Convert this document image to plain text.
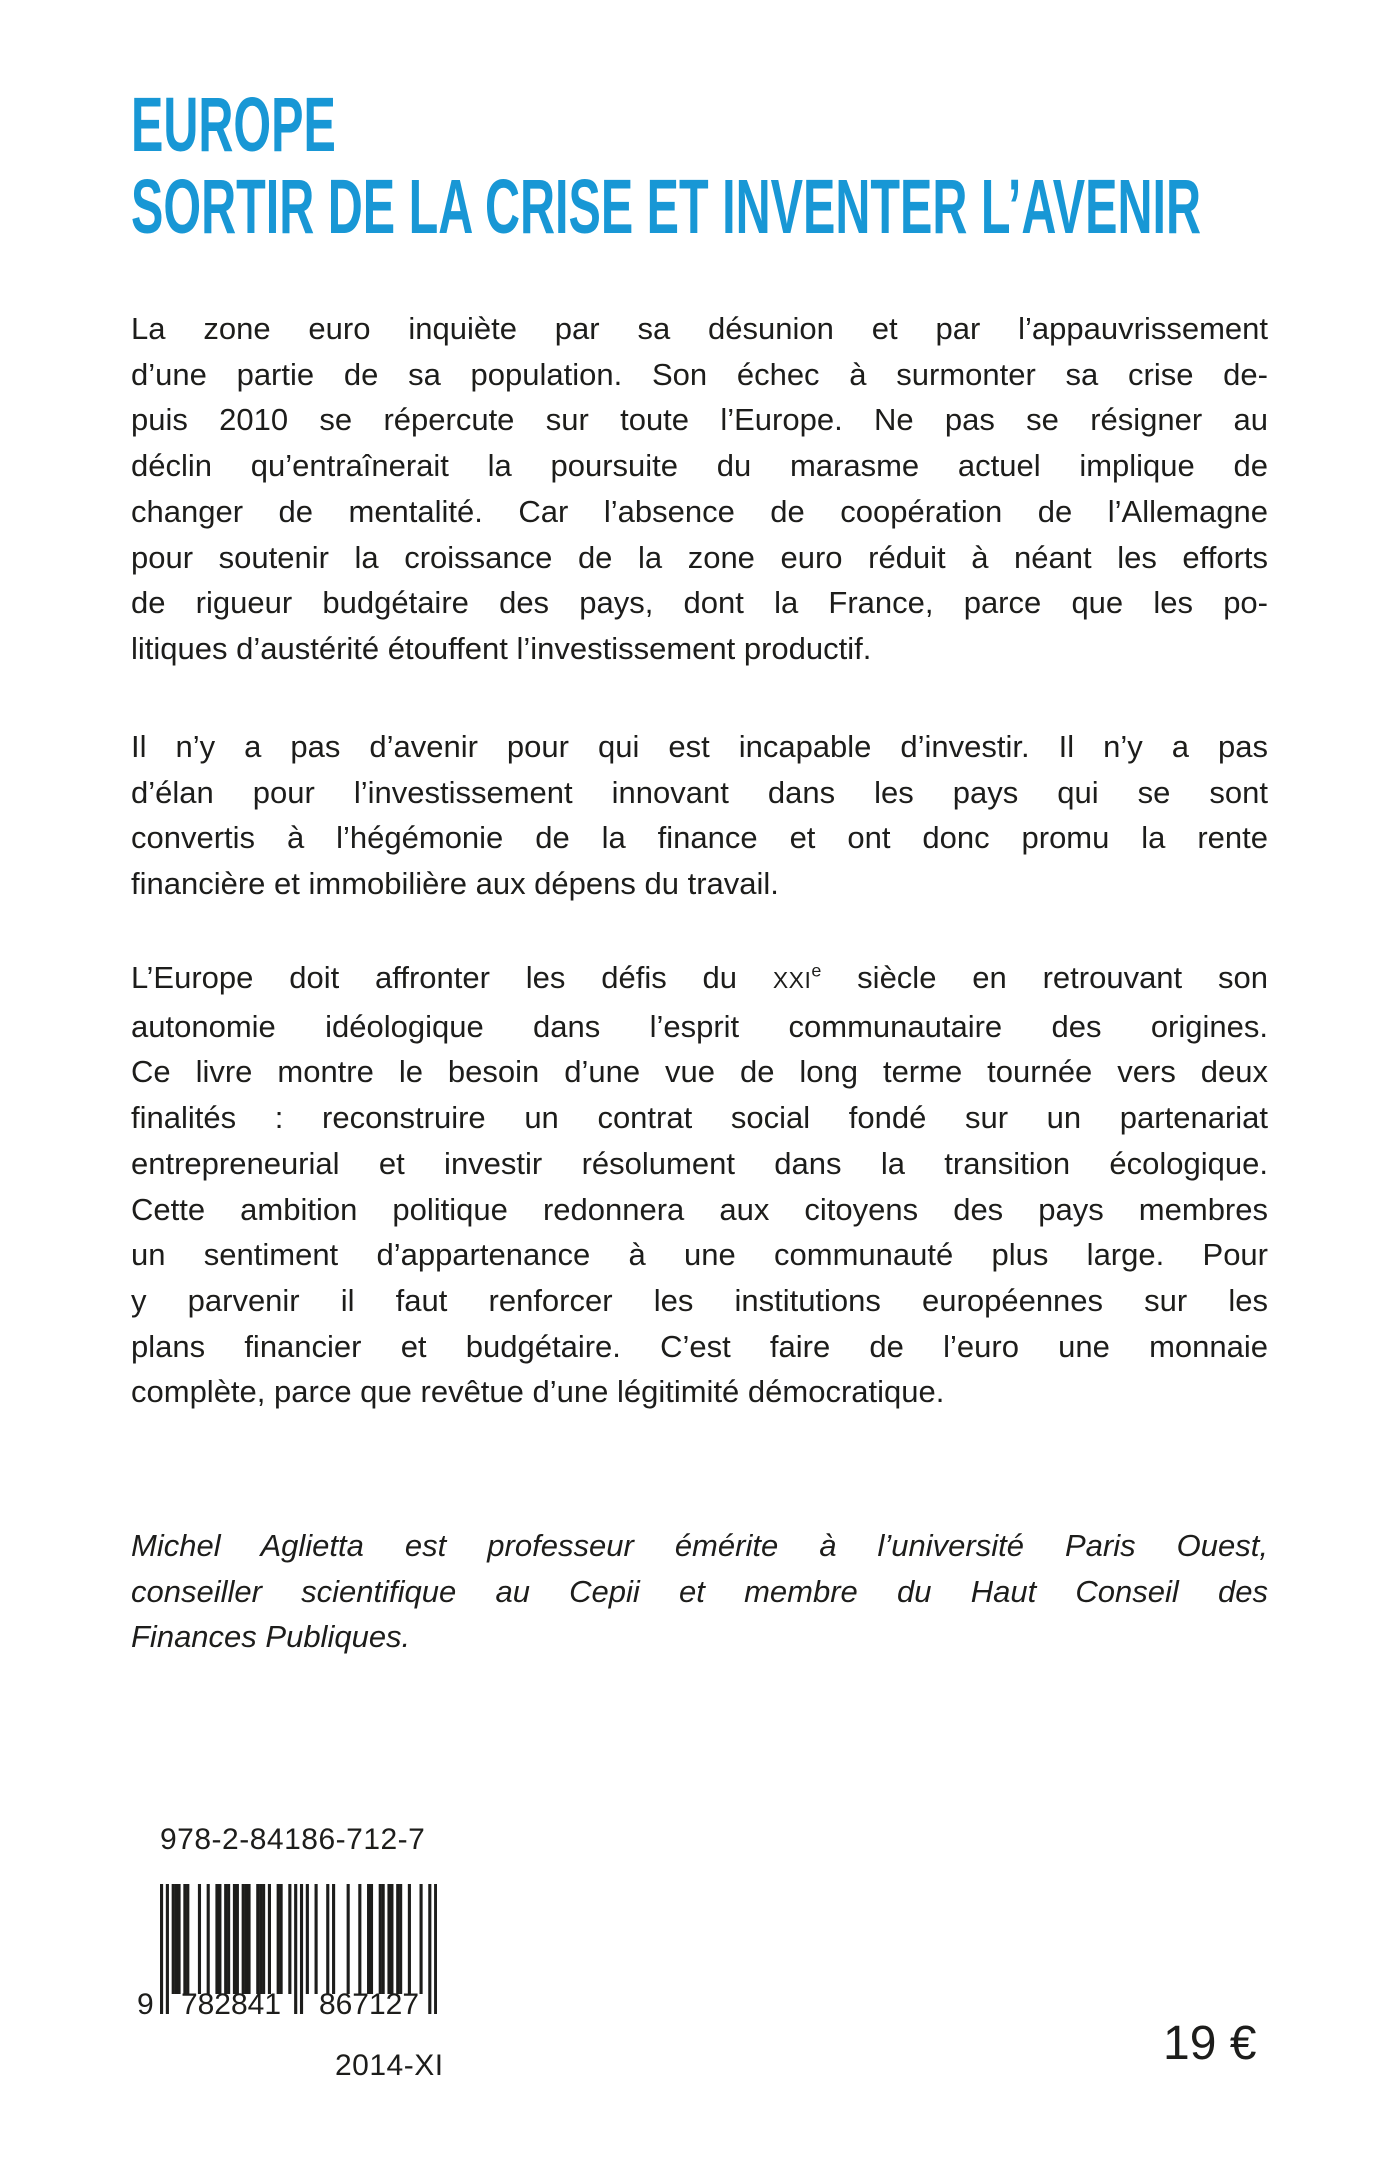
EUROPE
SORTIR DE LA CRISE ET INVENTER L’AVENIR
La zone euro inquiète par sa désunion et par l’appauvrissement
d’une partie de sa population. Son échec à surmonter sa crise de-
puis 2010 se répercute sur toute l’Europe. Ne pas se résigner au
déclin qu’entraînerait la poursuite du marasme actuel implique de
changer de mentalité. Car l’absence de coopération de l’Allemagne
pour soutenir la croissance de la zone euro réduit à néant les efforts
de rigueur budgétaire des pays, dont la France, parce que les po-
litiques d’austérité étouffent l’investissement productif.
Il n’y a pas d’avenir pour qui est incapable d’investir. Il n’y a pas
d’élan pour l’investissement innovant dans les pays qui se sont
convertis à l’hégémonie de la finance et ont donc promu la rente
financière et immobilière aux dépens du travail.
L’Europe doit affronter les défis du XXIe siècle en retrouvant son
autonomie idéologique dans l’esprit communautaire des origines.
Ce livre montre le besoin d’une vue de long terme tournée vers deux
finalités : reconstruire un contrat social fondé sur un partenariat
entrepreneurial et investir résolument dans la transition écologique.
Cette ambition politique redonnera aux citoyens des pays membres
un sentiment d’appartenance à une communauté plus large. Pour
y parvenir il faut renforcer les institutions européennes sur les
plans financier et budgétaire. C’est faire de l’euro une monnaie
complète, parce que revêtue d’une légitimité démocratique.
Michel Aglietta est professeur émérite à l’université Paris Ouest,
conseiller scientifique au Cepii et membre du Haut Conseil des
Finances Publiques.
978-2-84186-712-7
9 782841 867127
2014-XI	19 €
